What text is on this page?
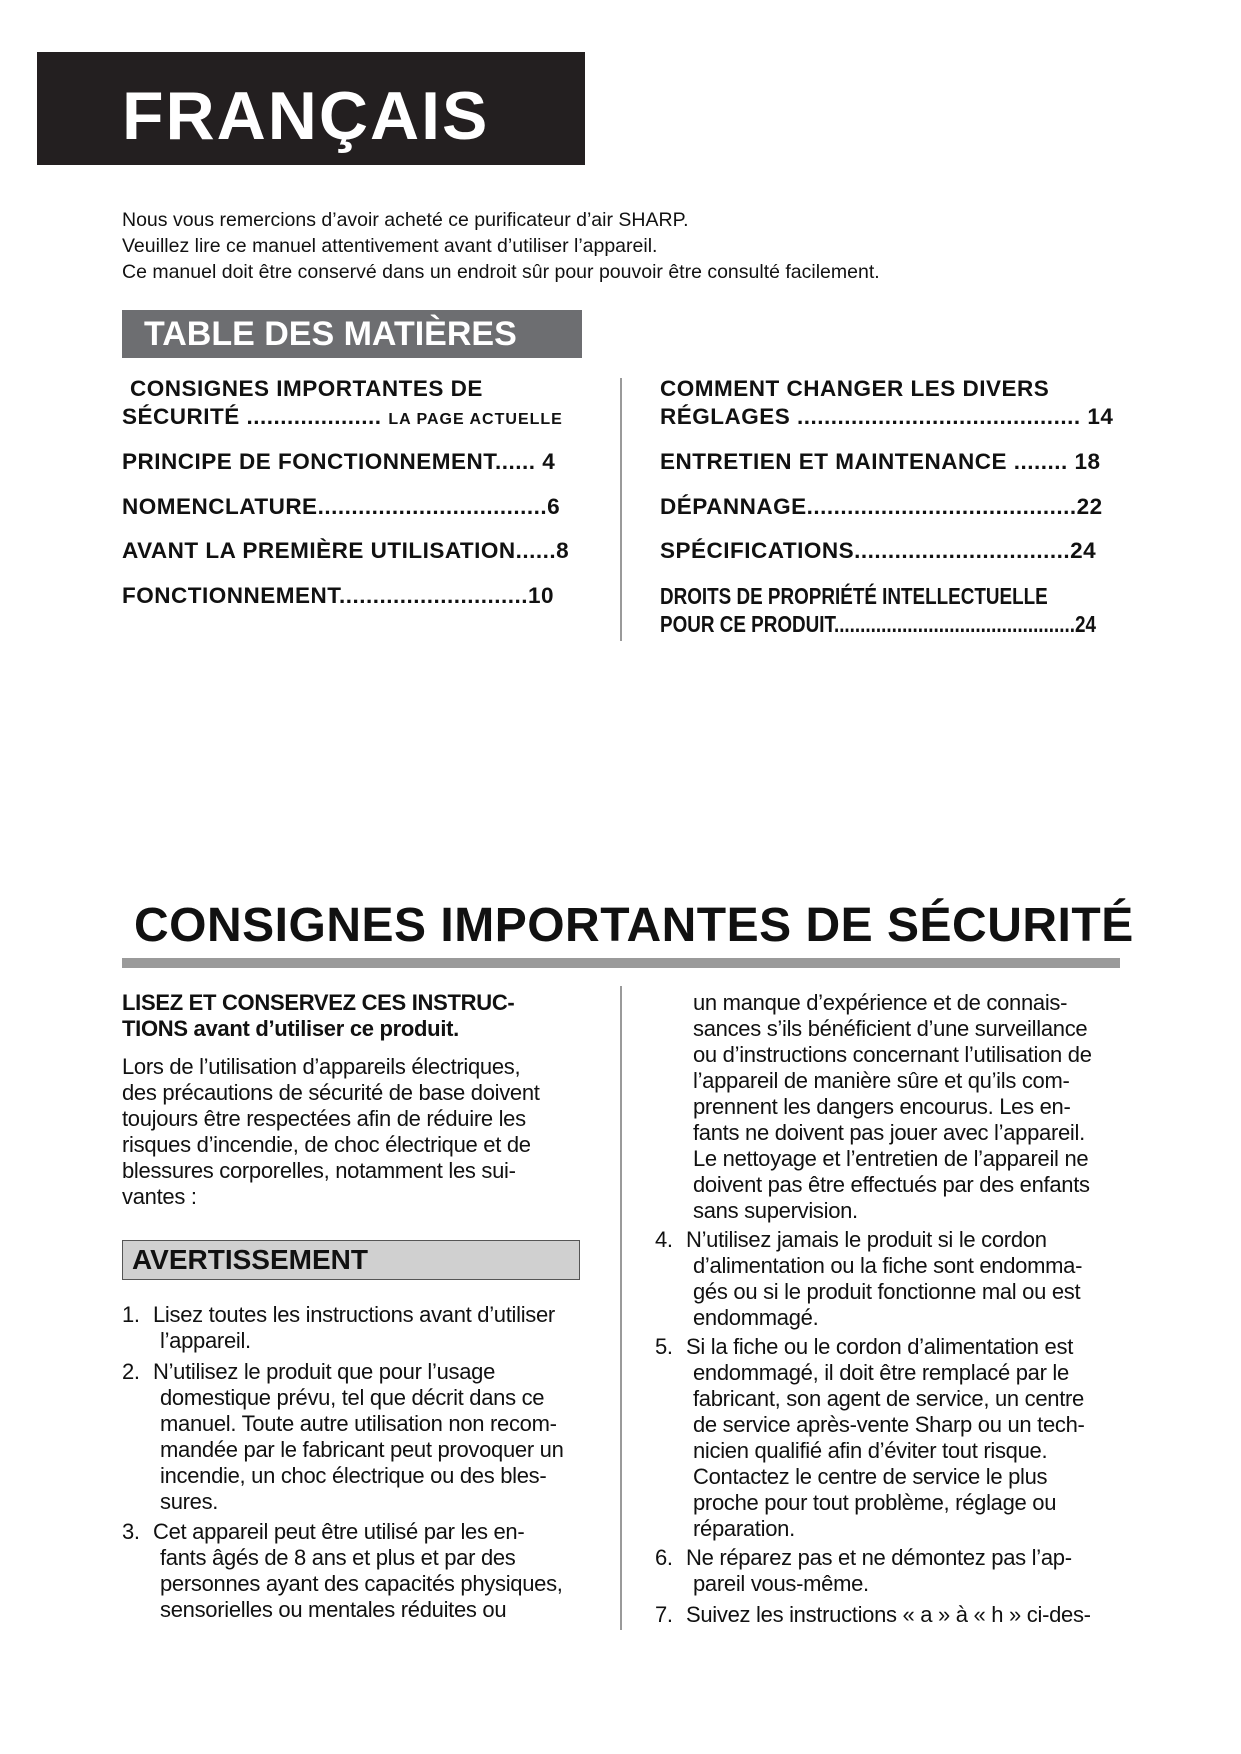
FRANÇAIS
Nous vous remercions d’avoir acheté ce purificateur d’air SHARP.
Veuillez lire ce manuel attentivement avant d’utiliser l’appareil.
Ce manuel doit être conservé dans un endroit sûr pour pouvoir être consulté facilement.
TABLE DES MATIÈRES
CONSIGNES IMPORTANTES DE
SÉCURITÉ .................... LA PAGE ACTUELLE
PRINCIPE DE FONCTIONNEMENT...... 4
NOMENCLATURE..................................6
AVANT LA PREMIÈRE UTILISATION......8
FONCTIONNEMENT............................10
COMMENT CHANGER LES DIVERS
RÉGLAGES .......................................... 14
ENTRETIEN ET MAINTENANCE ........ 18
DÉPANNAGE........................................22
SPÉCIFICATIONS................................24
DROITS DE PROPRIÉTÉ INTELLECTUELLE
POUR CE PRODUIT..............................................24
CONSIGNES IMPORTANTES DE SÉCURITÉ
LISEZ ET CONSERVEZ CES INSTRUC-
TIONS avant d’utiliser ce produit.
Lors de l’utilisation d’appareils électriques,
des précautions de sécurité de base doivent
toujours être respectées afin de réduire les
risques d’incendie, de choc électrique et de
blessures corporelles, notamment les sui-
vantes :
AVERTISSEMENT
1. Lisez toutes les instructions avant d’utiliser
l’appareil.
2. N’utilisez le produit que pour l’usage
domestique prévu, tel que décrit dans ce
manuel. Toute autre utilisation non recom-
mandée par le fabricant peut provoquer un
incendie, un choc électrique ou des bles-
sures.
3. Cet appareil peut être utilisé par les en-
fants âgés de 8 ans et plus et par des
personnes ayant des capacités physiques,
sensorielles ou mentales réduites ou
un manque d’expérience et de connais-
sances s’ils bénéficient d’une surveillance
ou d’instructions concernant l’utilisation de
l’appareil de manière sûre et qu’ils com-
prennent les dangers encourus. Les en-
fants ne doivent pas jouer avec l’appareil.
Le nettoyage et l’entretien de l’appareil ne
doivent pas être effectués par des enfants
sans supervision.
4. N’utilisez jamais le produit si le cordon
d’alimentation ou la fiche sont endomma-
gés ou si le produit fonctionne mal ou est
endommagé.
5. Si la fiche ou le cordon d’alimentation est
endommagé, il doit être remplacé par le
fabricant, son agent de service, un centre
de service après-vente Sharp ou un tech-
nicien qualifié afin d’éviter tout risque.
Contactez le centre de service le plus
proche pour tout problème, réglage ou
réparation.
6. Ne réparez pas et ne démontez pas l’ap-
pareil vous-même.
7. Suivez les instructions « a » à « h » ci-des-
